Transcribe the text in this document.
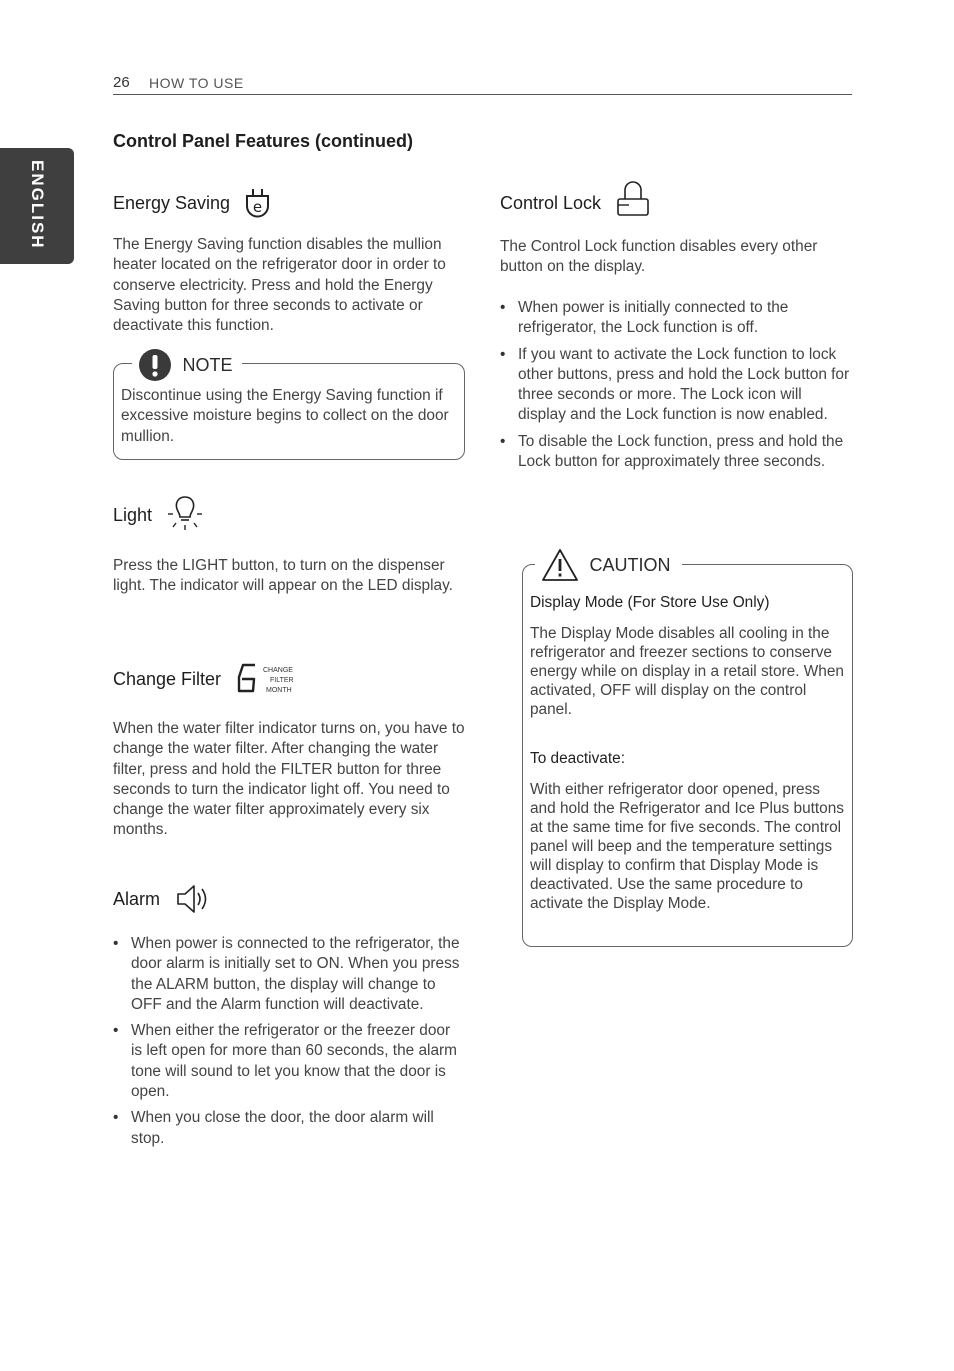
26 HOW TO USE
ENGLISH
Control Panel Features (continued)
Energy Saving e

The Energy Saving function disables the mullion heater located on the refrigerator door in order to conserve electricity. Press and hold the Energy Saving button for three seconds to activate or deactivate this function.

NOTE

Discontinue using the Energy Saving function if excessive moisture begins to collect on the door mullion.

Light

Press the LIGHT button, to turn on the dispenser light. The indicator will appear on the LED display.

Change Filter	CHANGE
FILTER
MONTH

When the water filter indicator turns on, you have to change the water filter. After changing the water filter, press and hold the FILTER button for three seconds to turn the indicator light off. You need to change the water filter approximately every six months.

Alarm
• When power is connected to the refrigerator, the door alarm is initially set to ON. When you press the ALARM button, the display will change to OFF and the Alarm function will deactivate.
• When either the refrigerator or the freezer door is left open for more than 60 seconds, the alarm tone will sound to let you know that the door is open.
• When you close the door, the door alarm will stop.
Control Lock

The Control Lock function disables every other button on the display.

• When power is initially connected to the refrigerator, the Lock function is off.
• If you want to activate the Lock function to lock other buttons, press and hold the Lock button for three seconds or more. The Lock icon will display and the Lock function is now enabled.
• To disable the Lock function, press and hold the Lock button for approximately three seconds.
CAUTION
Display Mode (For Store Use Only)

The Display Mode disables all cooling in the refrigerator and freezer sections to conserve energy while on display in a retail store. When activated, OFF will display on the control panel.

To deactivate:

With either refrigerator door opened, press and hold the Refrigerator and Ice Plus buttons at the same time for five seconds. The control panel will beep and the temperature settings will display to confirm that Display Mode is deactivated. Use the same procedure to activate the Display Mode.
